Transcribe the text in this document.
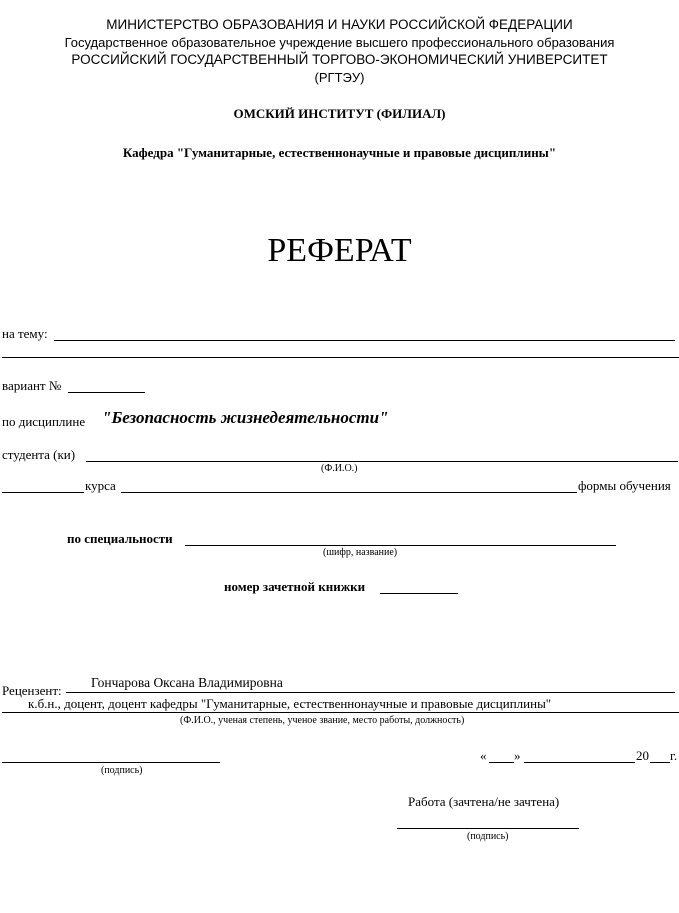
МИНИСТЕРСТВО ОБРАЗОВАНИЯ И НАУКИ РОССИЙСКОЙ ФЕДЕРАЦИИ
Государственное образовательное учреждение высшего профессионального образования
РОССИЙСКИЙ ГОСУДАРСТВЕННЫЙ ТОРГОВО-ЭКОНОМИЧЕСКИЙ УНИВЕРСИТЕТ
(РГТЭУ)
ОМСКИЙ ИНСТИТУТ (ФИЛИАЛ)
Кафедра "Гуманитарные, естественнонаучные и правовые дисциплины"
РЕФЕРАТ
на тему:
вариант №
по дисциплине "Безопасность жизнедеятельности"
студента (ки)
(Ф.И.О.)
курса	формы обучения
по специальности
(шифр, название)
номер зачетной книжки
Гончарова Оксана Владимировна
Рецензент:
к.б.н., доцент, доцент кафедры "Гуманитарные, естественнонаучные и правовые дисциплины"
(Ф.И.О., ученая степень, ученое звание, место работы, должность)
(подпись)
« »	20 г.
Работа (зачтена/не зачтена)
(подпись)
